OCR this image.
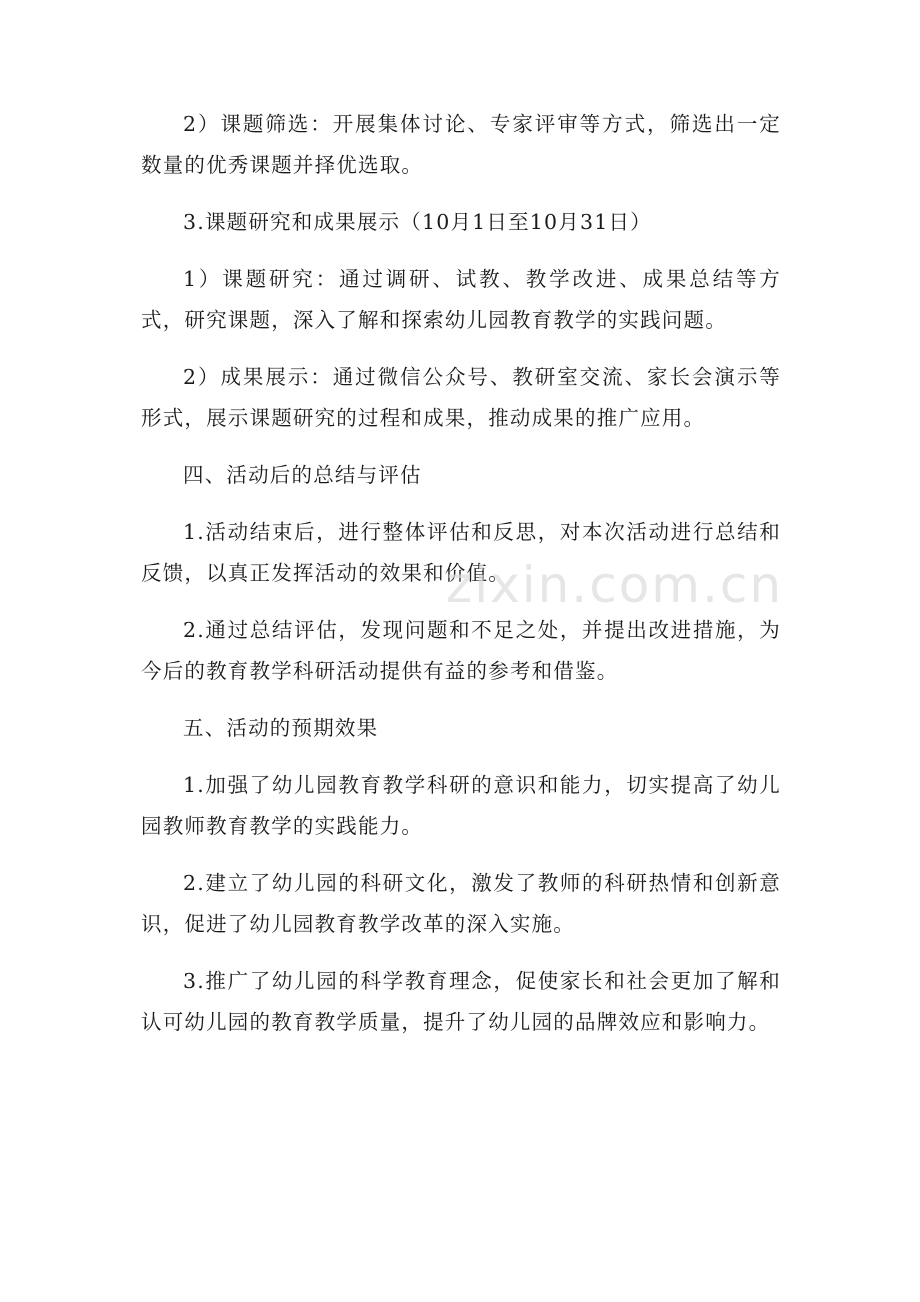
2）课题筛选：开展集体讨论、专家评审等方式，筛选出一定数量的优秀课题并择优选取。

3.课题研究和成果展示（10月1日至10月31日）

1）课题研究：通过调研、试教、教学改进、成果总结等方式，研究课题，深入了解和探索幼儿园教育教学的实践问题。

2）成果展示：通过微信公众号、教研室交流、家长会演示等形式，展示课题研究的过程和成果，推动成果的推广应用。

四、活动后的总结与评估

1.活动结束后，进行整体评估和反思，对本次活动进行总结和反馈，以真正发挥活动的效果和价值。

2.通过总结评估，发现问题和不足之处，并提出改进措施，为今后的教育教学科研活动提供有益的参考和借鉴。

五、活动的预期效果

1.加强了幼儿园教育教学科研的意识和能力，切实提高了幼儿园教师教育教学的实践能力。

2.建立了幼儿园的科研文化，激发了教师的科研热情和创新意识，促进了幼儿园教育教学改革的深入实施。

3.推广了幼儿园的科学教育理念，促使家长和社会更加了解和认可幼儿园的教育教学质量，提升了幼儿园的品牌效应和影响力。

zixin.com.cn
